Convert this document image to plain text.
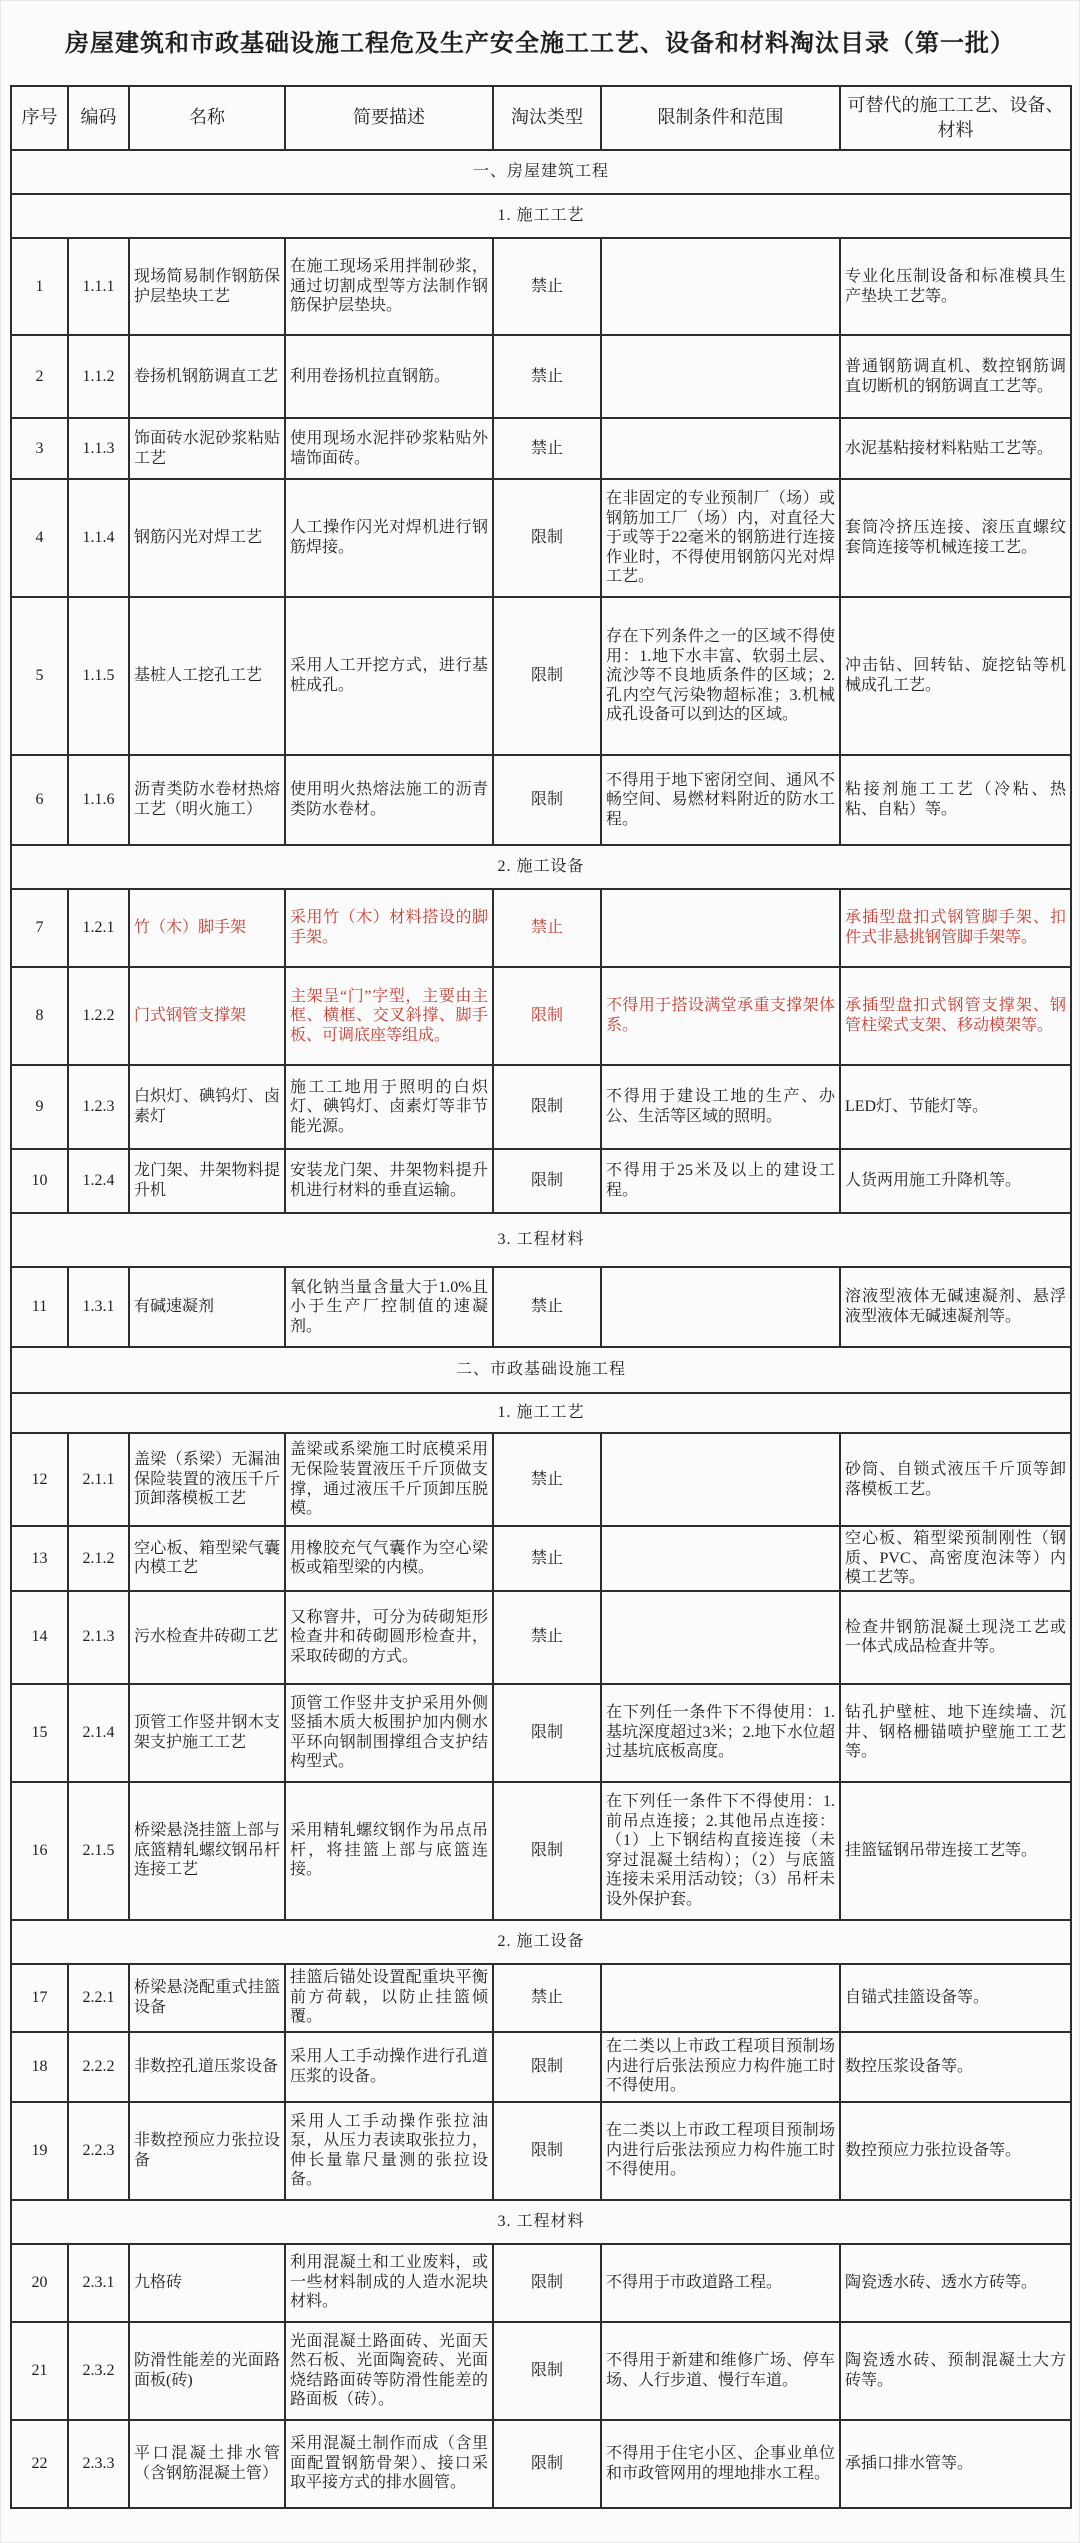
房屋建筑和市政基础设施工程危及生产安全施工工艺、设备和材料淘汰目录（第一批）
序号	编码	名称	简要描述	淘汰类型	限制条件和范围	可替代的施工工艺、设备、材料
一、房屋建筑工程						
1. 施工工艺						
1	1.1.1	现场简易制作钢筋保护层垫块工艺	在施工现场采用拌制砂浆，通过切割成型等方法制作钢筋保护层垫块。	禁止		专业化压制设备和标准模具生产垫块工艺等。
2	1.1.2	卷扬机钢筋调直工艺	利用卷扬机拉直钢筋。	禁止		普通钢筋调直机、数控钢筋调直切断机的钢筋调直工艺等。
3	1.1.3	饰面砖水泥砂浆粘贴工艺	使用现场水泥拌砂浆粘贴外墙饰面砖。	禁止		水泥基粘接材料粘贴工艺等。
4	1.1.4	钢筋闪光对焊工艺	人工操作闪光对焊机进行钢筋焊接。	限制	在非固定的专业预制厂（场）或钢筋加工厂（场）内，对直径大于或等于22毫米的钢筋进行连接作业时，不得使用钢筋闪光对焊工艺。	套筒冷挤压连接、滚压直螺纹套筒连接等机械连接工艺。
5	1.1.5	基桩人工挖孔工艺	采用人工开挖方式，进行基桩成孔。	限制	存在下列条件之一的区域不得使用：1.地下水丰富、软弱土层、流沙等不良地质条件的区域；2.孔内空气污染物超标准；3.机械成孔设备可以到达的区域。	冲击钻、回转钻、旋挖钻等机械成孔工艺。
6	1.1.6	沥青类防水卷材热熔工艺（明火施工）	使用明火热熔法施工的沥青类防水卷材。	限制	不得用于地下密闭空间、通风不畅空间、易燃材料附近的防水工程。	粘接剂施工工艺（冷粘、热粘、自粘）等。
2. 施工设备						
7	1.2.1	竹（木）脚手架	采用竹（木）材料搭设的脚手架。	禁止		承插型盘扣式钢管脚手架、扣件式非悬挑钢管脚手架等。
8	1.2.2	门式钢管支撑架	主架呈“门”字型，主要由主框、横框、交叉斜撑、脚手板、可调底座等组成。	限制	不得用于搭设满堂承重支撑架体系。	承插型盘扣式钢管支撑架、钢管柱梁式支架、移动模架等。
9	1.2.3	白炽灯、碘钨灯、卤素灯	施工工地用于照明的白炽灯、碘钨灯、卤素灯等非节能光源。	限制	不得用于建设工地的生产、办公、生活等区域的照明。	LED灯、节能灯等。
10	1.2.4	龙门架、井架物料提升机	安装龙门架、井架物料提升机进行材料的垂直运输。	限制	不得用于25米及以上的建设工程。	人货两用施工升降机等。
3. 工程材料						
11	1.3.1	有碱速凝剂	氧化钠当量含量大于1.0%且小于生产厂控制值的速凝剂。	禁止		溶液型液体无碱速凝剂、悬浮液型液体无碱速凝剂等。
二、市政基础设施工程						
1. 施工工艺						
12	2.1.1	盖梁（系梁）无漏油保险装置的液压千斤顶卸落模板工艺	盖梁或系梁施工时底模采用无保险装置液压千斤顶做支撑，通过液压千斤顶卸压脱模。	禁止		砂筒、自锁式液压千斤顶等卸落模板工艺。
13	2.1.2	空心板、箱型梁气囊内模工艺	用橡胶充气气囊作为空心梁板或箱型梁的内模。	禁止		空心板、箱型梁预制刚性（钢质、PVC、高密度泡沫等）内模工艺等。
14	2.1.3	污水检查井砖砌工艺	又称窨井，可分为砖砌矩形检查井和砖砌圆形检查井，采取砖砌的方式。	禁止		检查井钢筋混凝土现浇工艺或一体式成品检查井等。
15	2.1.4	顶管工作竖井钢木支架支护施工工艺	顶管工作竖井支护采用外侧竖插木质大板围护加内侧水平环向钢制围撑组合支护结构型式。	限制	在下列任一条件下不得使用：1.基坑深度超过3米；2.地下水位超过基坑底板高度。	钻孔护壁桩、地下连续墙、沉井、钢格栅锚喷护壁施工工艺等。
16	2.1.5	桥梁悬浇挂篮上部与底篮精轧螺纹钢吊杆连接工艺	采用精轧螺纹钢作为吊点吊杆，将挂篮上部与底篮连接。	限制	在下列任一条件下不得使用：1.前吊点连接；2.其他吊点连接：（1）上下钢结构直接连接（未穿过混凝土结构）；（2）与底篮连接未采用活动铰；（3）吊杆未设外保护套。	挂篮锰钢吊带连接工艺等。
2. 施工设备						
17	2.2.1	桥梁悬浇配重式挂篮设备	挂篮后锚处设置配重块平衡前方荷载，以防止挂篮倾覆。	禁止		自锚式挂篮设备等。
18	2.2.2	非数控孔道压浆设备	采用人工手动操作进行孔道压浆的设备。	限制	在二类以上市政工程项目预制场内进行后张法预应力构件施工时不得使用。	数控压浆设备等。
19	2.2.3	非数控预应力张拉设备	采用人工手动操作张拉油泵，从压力表读取张拉力，伸长量靠尺量测的张拉设备。	限制	在二类以上市政工程项目预制场内进行后张法预应力构件施工时不得使用。	数控预应力张拉设备等。
3. 工程材料						
20	2.3.1	九格砖	利用混凝土和工业废料，或一些材料制成的人造水泥块材料。	限制	不得用于市政道路工程。	陶瓷透水砖、透水方砖等。
21	2.3.2	防滑性能差的光面路面板(砖)	光面混凝土路面砖、光面天然石板、光面陶瓷砖、光面烧结路面砖等防滑性能差的路面板（砖）。	限制	不得用于新建和维修广场、停车场、人行步道、慢行车道。	陶瓷透水砖、预制混凝土大方砖等。
22	2.3.3	平口混凝土排水管（含钢筋混凝土管）	采用混凝土制作而成（含里面配置钢筋骨架）、接口采取平接方式的排水圆管。	限制	不得用于住宅小区、企事业单位和市政管网用的埋地排水工程。	承插口排水管等。
